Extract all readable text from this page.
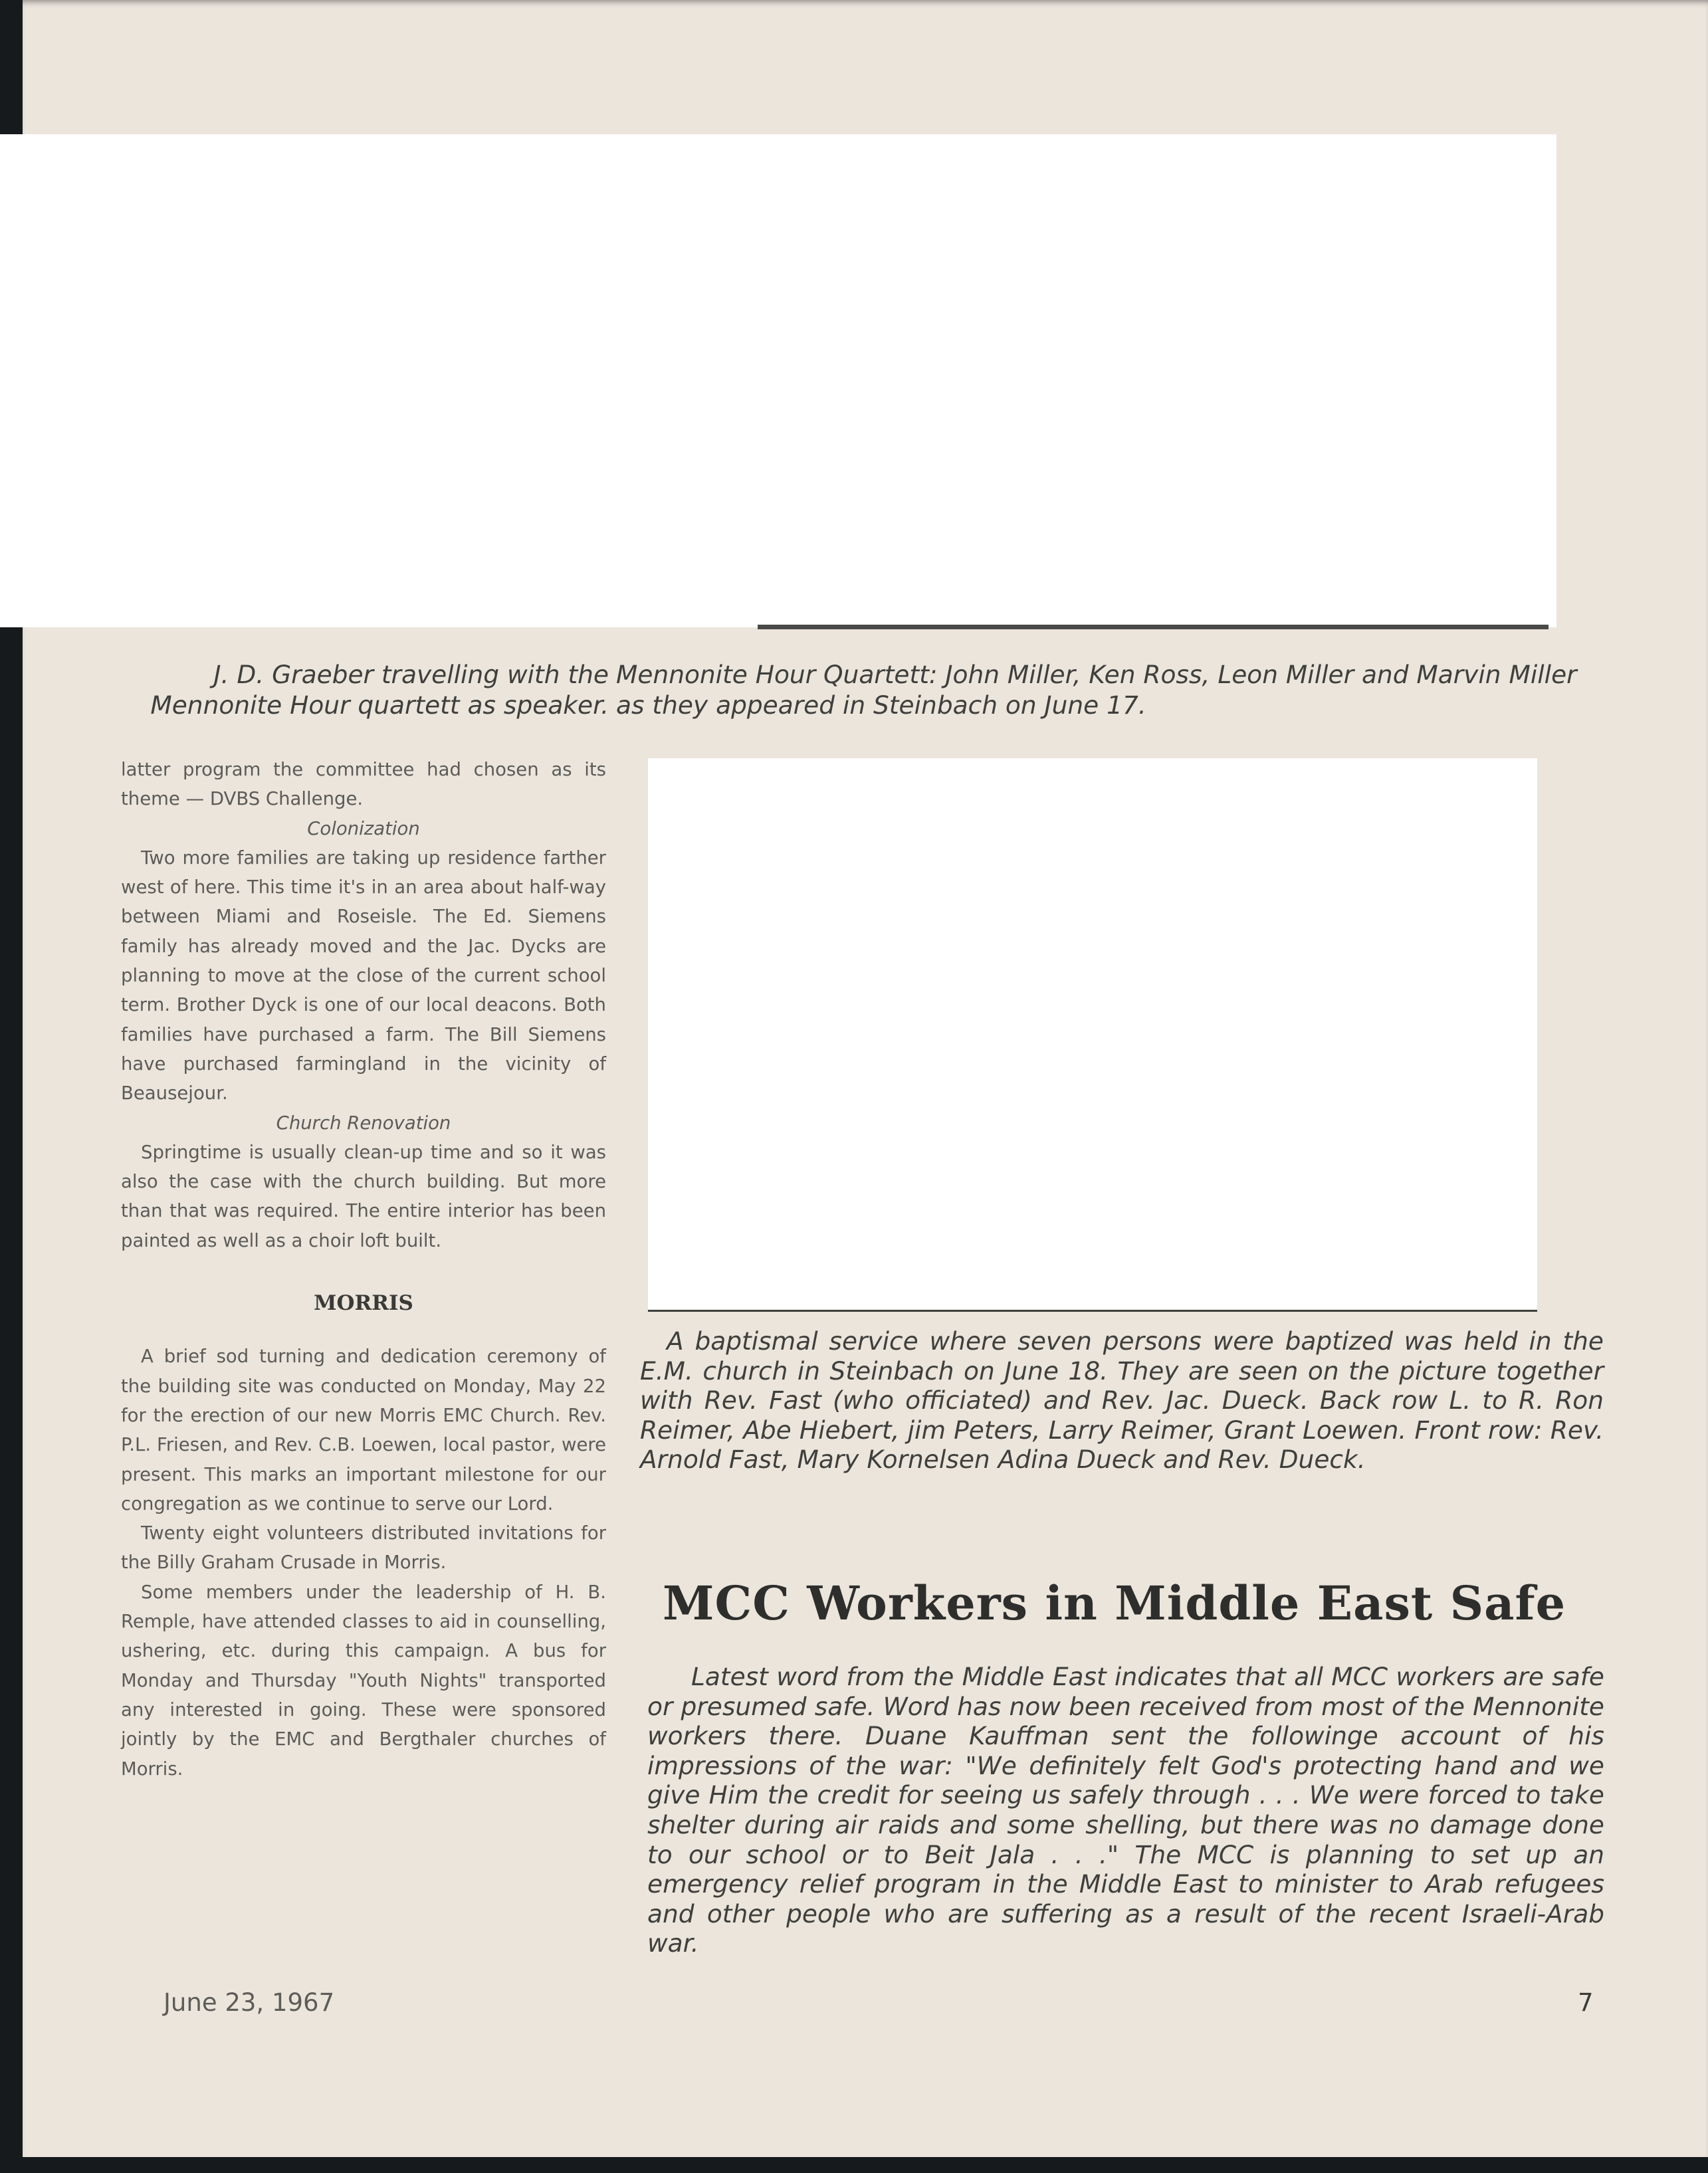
J. D. Graeber travelling with the Mennonite Hour quartett as speaker.
Mennonite Hour Quartett: John Miller, Ken Ross, Leon Miller and Marvin Miller as they appeared in Steinbach on June 17.

latter program the committee had chosen as its theme — DVBS Challenge.

Colonization

Two more families are taking up residence farther west of here. This time it's in an area about half-way between Miami and Roseisle. The Ed. Siemens family has already moved and the Jac. Dycks are planning to move at the close of the current school term. Brother Dyck is one of our local deacons. Both families have purchased a farm. The Bill Siemens have purchased farmingland in the vicinity of Beausejour.

Church Renovation

Springtime is usually clean-up time and so it was also the case with the church building. But more than that was required. The entire interior has been painted as well as a choir loft built.

MORRIS

A brief sod turning and dedication ceremony of the building site was conducted on Monday, May 22 for the erection of our new Morris EMC Church. Rev. P.L. Friesen, and Rev. C.B. Loewen, local pastor, were present. This marks an important milestone for our congregation as we continue to serve our Lord.

Twenty eight volunteers distributed invitations for the Billy Graham Crusade in Morris.

Some members under the leadership of H. B. Remple, have attended classes to aid in counselling, ushering, etc. during this campaign. A bus for Monday and Thursday "Youth Nights" transported any interested in going. These were sponsored jointly by the EMC and Bergthaler churches of Morris.

A baptismal service where seven persons were baptized was held in the E.M. church in Steinbach on June 18. They are seen on the picture together with Rev. Fast (who officiated) and Rev. Jac. Dueck. Back row L. to R. Ron Reimer, Abe Hiebert, jim Peters, Larry Reimer, Grant Loewen. Front row: Rev. Arnold Fast, Mary Kornelsen Adina Dueck and Rev. Dueck.

MCC Workers in Middle East Safe

Latest word from the Middle East indicates that all MCC workers are safe or presumed safe. Word has now been received from most of the Mennonite workers there. Duane Kauffman sent the followinge account of his impressions of the war: "We definitely felt God's protecting hand and we give Him the credit for seeing us safely through . . . We were forced to take shelter during air raids and some shelling, but there was no damage done to our school or to Beit Jala . . ." The MCC is planning to set up an emergency relief program in the Middle East to minister to Arab refugees and other people who are suffering as a result of the recent Israeli-Arab war.

June 23, 1967	7
